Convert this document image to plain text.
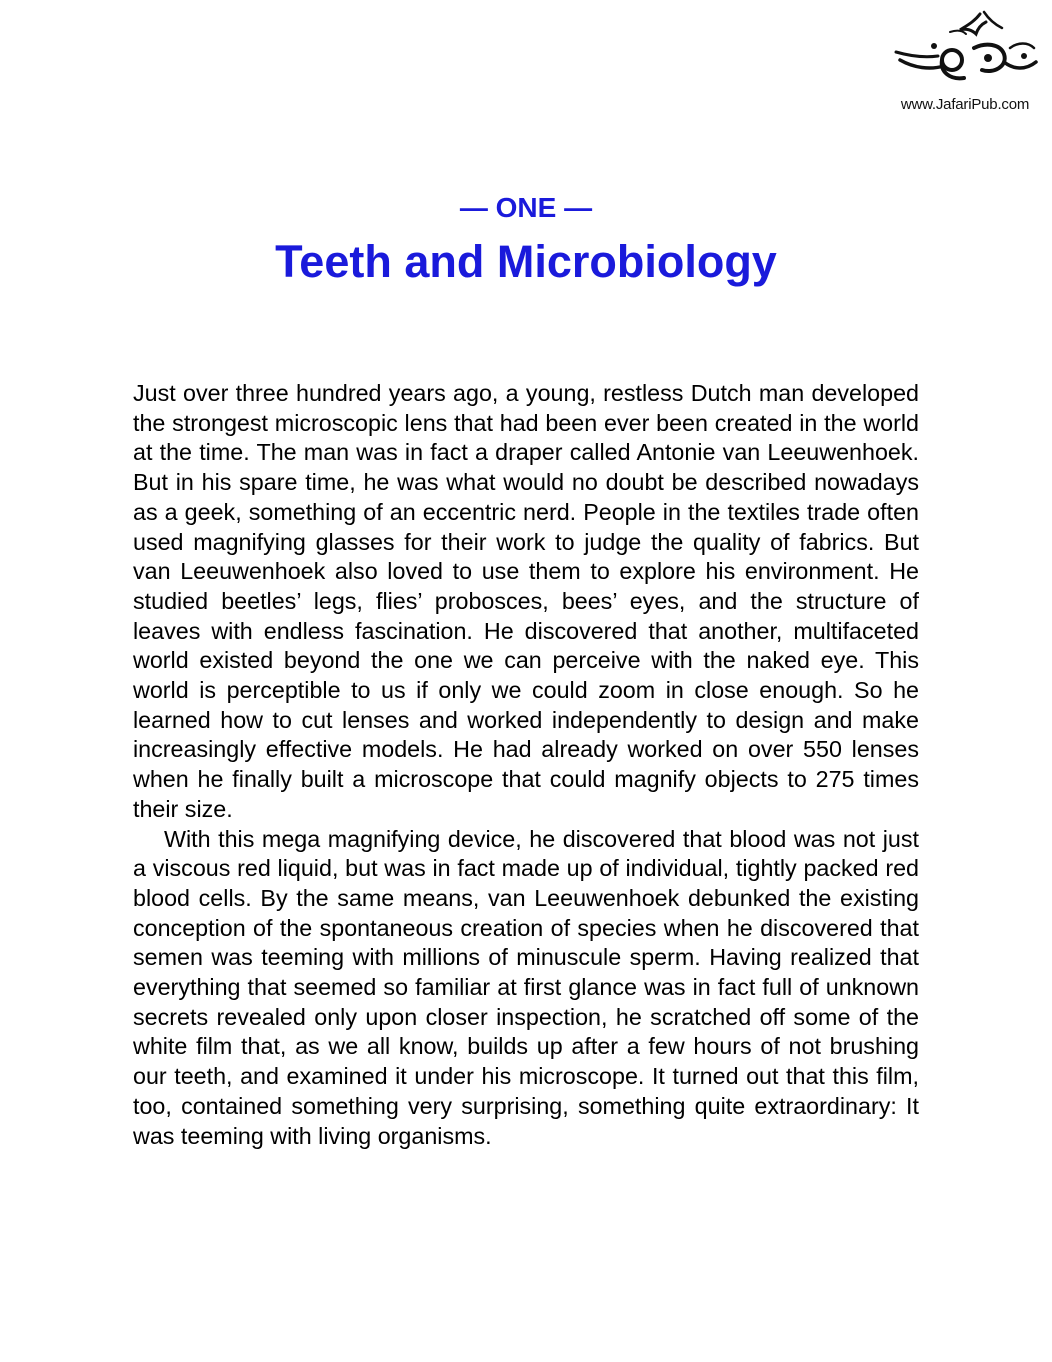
www.JafariPub.com
— ONE —
Teeth and Microbiology

Just over three hundred years ago, a young, restless Dutch man developed the strongest microscopic lens that had been ever been created in the world at the time. The man was in fact a draper called Antonie van Leeuwenhoek. But in his spare time, he was what would no doubt be described nowadays as a geek, something of an eccentric nerd. People in the textiles trade often used magnifying glasses for their work to judge the quality of fabrics. But van Leeuwenhoek also loved to use them to explore his environment. He studied beetles’ legs, flies’ probosces, bees’ eyes, and the structure of leaves with endless fascination. He discovered that another, multifaceted world existed beyond the one we can perceive with the naked eye. This world is perceptible to us if only we could zoom in close enough. So he learned how to cut lenses and worked independently to design and make increasingly effective models. He had already worked on over 550 lenses when he finally built a microscope that could magnify objects to 275 times their size.

With this mega magnifying device, he discovered that blood was not just a viscous red liquid, but was in fact made up of individual, tightly packed red blood cells. By the same means, van Leeuwenhoek debunked the existing conception of the spontaneous creation of species when he discovered that semen was teeming with millions of minuscule sperm. Having realized that everything that seemed so familiar at first glance was in fact full of unknown secrets revealed only upon closer inspection, he scratched off some of the white film that, as we all know, builds up after a few hours of not brushing our teeth, and examined it under his microscope. It turned out that this film, too, contained something very surprising, something quite extraordinary: It was teeming with living organisms.
